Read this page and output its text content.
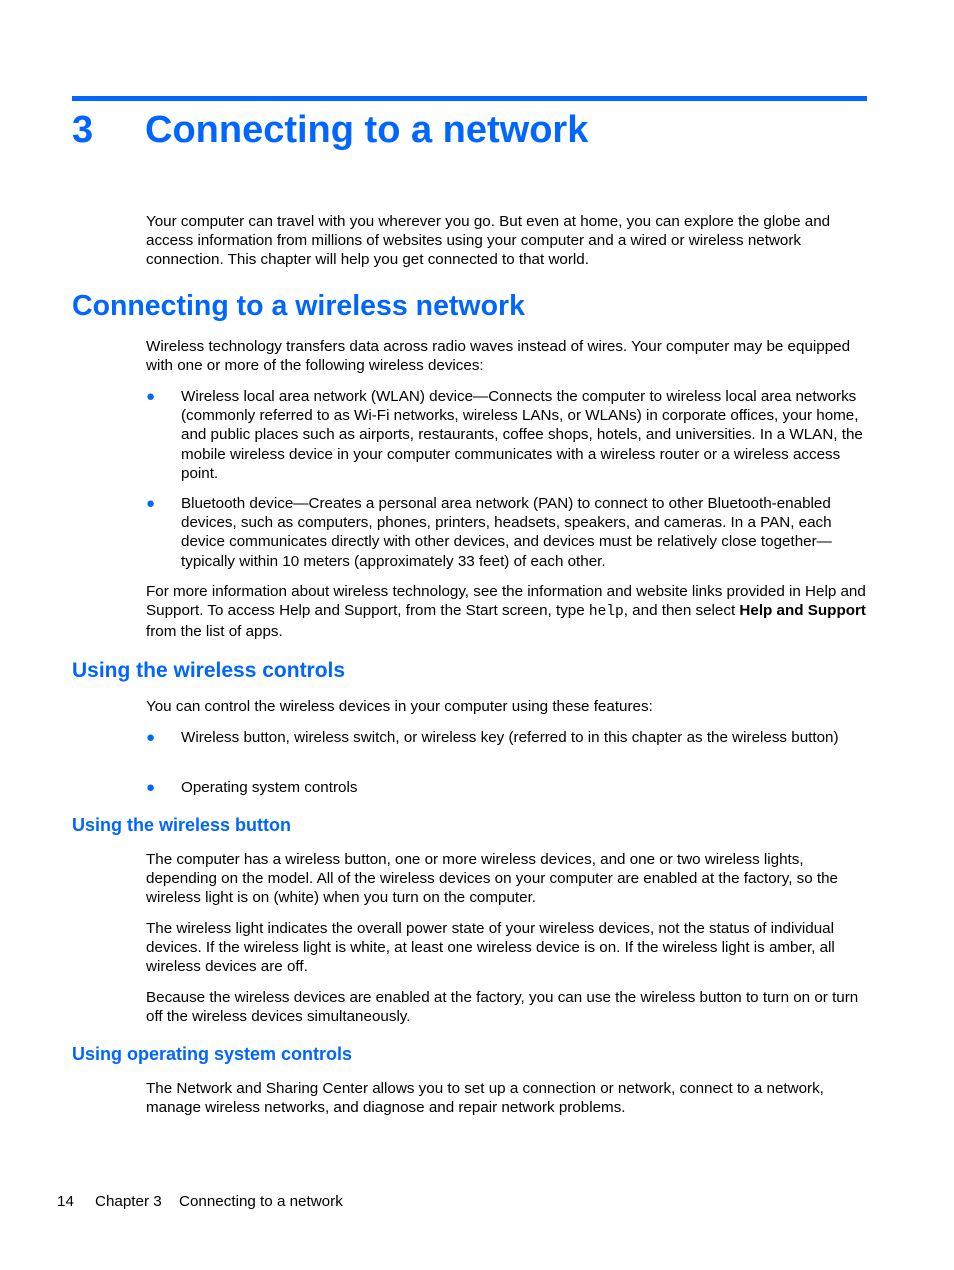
3 Connecting to a network
Your computer can travel with you wherever you go. But even at home, you can explore the globe and access information from millions of websites using your computer and a wired or wireless network connection. This chapter will help you get connected to that world.
Connecting to a wireless network
Wireless technology transfers data across radio waves instead of wires. Your computer may be equipped with one or more of the following wireless devices:
● Wireless local area network (WLAN) device—Connects the computer to wireless local area networks (commonly referred to as Wi-Fi networks, wireless LANs, or WLANs) in corporate offices, your home, and public places such as airports, restaurants, coffee shops, hotels, and universities. In a WLAN, the mobile wireless device in your computer communicates with a wireless router or a wireless access point.
● Bluetooth device—Creates a personal area network (PAN) to connect to other Bluetooth-enabled devices, such as computers, phones, printers, headsets, speakers, and cameras. In a PAN, each device communicates directly with other devices, and devices must be relatively close together—typically within 10 meters (approximately 33 feet) of each other.
For more information about wireless technology, see the information and website links provided in Help and Support. To access Help and Support, from the Start screen, type help, and then select Help and Support from the list of apps.
Using the wireless controls
You can control the wireless devices in your computer using these features:
● Wireless button, wireless switch, or wireless key (referred to in this chapter as the wireless button)
● Operating system controls
Using the wireless button
The computer has a wireless button, one or more wireless devices, and one or two wireless lights, depending on the model. All of the wireless devices on your computer are enabled at the factory, so the wireless light is on (white) when you turn on the computer.
The wireless light indicates the overall power state of your wireless devices, not the status of individual devices. If the wireless light is white, at least one wireless device is on. If the wireless light is amber, all wireless devices are off.
Because the wireless devices are enabled at the factory, you can use the wireless button to turn on or turn off the wireless devices simultaneously.
Using operating system controls
The Network and Sharing Center allows you to set up a connection or network, connect to a network, manage wireless networks, and diagnose and repair network problems.
14 Chapter 3 Connecting to a network
